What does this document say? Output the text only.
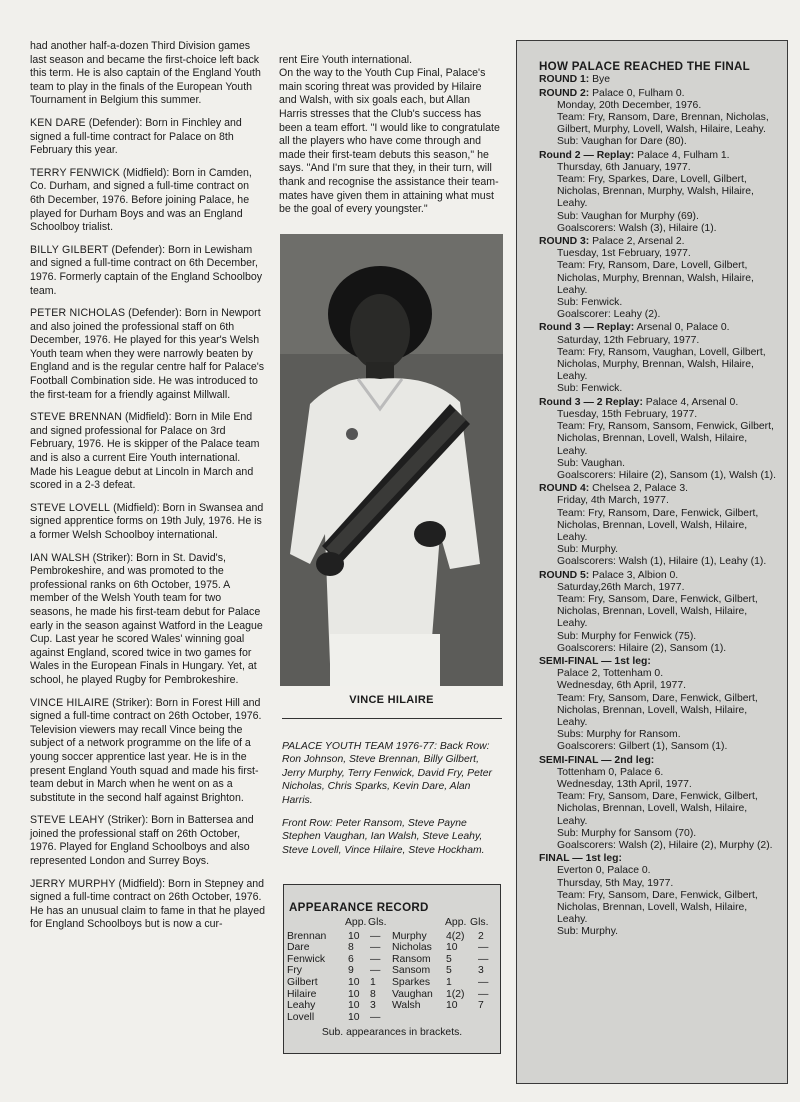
had another half-a-dozen Third Division games last season and became the first-choice left back this term. He is also captain of the England Youth team to play in the finals of the European Youth Tournament in Belgium this summer.

KEN DARE (Defender): Born in Finchley and signed a full-time contract for Palace on 8th February this year.

TERRY FENWICK (Midfield): Born in Camden, Co. Durham, and signed a full-time contract on 6th December, 1976. Before joining Palace, he played for Durham Boys and was an England Schoolboy trialist.

BILLY GILBERT (Defender): Born in Lewisham and signed a full-time contract on 6th December, 1976. Formerly captain of the England Schoolboy team.

PETER NICHOLAS (Defender): Born in Newport and also joined the professional staff on 6th December, 1976. He played for this year's Welsh Youth team when they were narrowly beaten by England and is the regular centre half for Palace's Football Combination side. He was introduced to the first-team for a friendly against Millwall.

STEVE BRENNAN (Midfield): Born in Mile End and signed professional for Palace on 3rd February, 1976. He is skipper of the Palace team and is also a current Eire Youth international. Made his League debut at Lincoln in March and scored in a 2-3 defeat.

STEVE LOVELL (Midfield): Born in Swansea and signed apprentice forms on 19th July, 1976. He is a former Welsh Schoolboy international.

IAN WALSH (Striker): Born in St. David's, Pembrokeshire, and was promoted to the professional ranks on 6th October, 1975. A member of the Welsh Youth team for two seasons, he made his first-team debut for Palace early in the season against Watford in the League Cup. Last year he scored Wales' winning goal against England, scored twice in two games for Wales in the European Finals in Hungary. Yet, at school, he played Rugby for Pembrokeshire.

VINCE HILAIRE (Striker): Born in Forest Hill and signed a full-time contract on 26th October, 1976. Television viewers may recall Vince being the subject of a network programme on the life of a young soccer apprentice last year. He is in the present England Youth squad and made his first-team debut in March when he went on as a substitute in the second half against Brighton.

STEVE LEAHY (Striker): Born in Battersea and joined the professional staff on 26th October, 1976. Played for England Schoolboys and also represented London and Surrey Boys.

JERRY MURPHY (Midfield): Born in Stepney and signed a full-time contract on 26th October, 1976. He has an unusual claim to fame in that he played for England Schoolboys but is now a cur-

rent Eire Youth international.
On the way to the Youth Cup Final, Palace's main scoring threat was provided by Hilaire and Walsh, with six goals each, but Allan Harris stresses that the Club's success has been a team effort. "I would like to congratulate all the players who have come through and made their first-team debuts this season," he says. "And I'm sure that they, in their turn, will thank and recognise the assistance their team-mates have given them in attaining what must be the goal of every youngster."

VINCE HILAIRE

PALACE YOUTH TEAM 1976-77: Back Row: Ron Johnson, Steve Brennan, Billy Gilbert, Jerry Murphy, Terry Fenwick, David Fry, Peter Nicholas, Chris Sparks, Kevin Dare, Alan Harris.

Front Row: Peter Ransom, Steve Payne Stephen Vaughan, Ian Walsh, Steve Leahy, Steve Lovell, Vince Hilaire, Steve Hockham.

APPEARANCE RECORD
App. Gls.	App. Gls.
Brennan 10 — Murphy 4(2) 2
Dare	8 — Nicholas 10 —
Fenwick 6 — Ransom 5	—
Fry	9 — Sansom 5	3
Gilbert	10 1 Sparkes 1	—
Hilaire	10 8 Vaughan 1(2) —
Leahy	10 3 Walsh 10 7
Lovell	10 —
Sub. appearances in brackets.
HOW PALACE REACHED THE FINAL
ROUND 1: Bye
ROUND 2: Palace 0, Fulham 0.
Monday, 20th December, 1976.
Team: Fry, Ransom, Dare, Brennan, Nicholas, Gilbert, Murphy, Lovell, Walsh, Hilaire, Leahy.
Sub: Vaughan for Dare (80).
Round 2 — Replay: Palace 4, Fulham 1.
Thursday, 6th January, 1977.
Team: Fry, Sparkes, Dare, Lovell, Gilbert, Nicholas, Brennan, Murphy, Walsh, Hilaire, Leahy.
Sub: Vaughan for Murphy (69).
Goalscorers: Walsh (3), Hilaire (1).
ROUND 3: Palace 2, Arsenal 2.
Tuesday, 1st February, 1977.
Team: Fry, Ransom, Dare, Lovell, Gilbert, Nicholas, Murphy, Brennan, Walsh, Hilaire, Leahy.
Sub: Fenwick.
Goalscorer: Leahy (2).
Round 3 — Replay: Arsenal 0, Palace 0.
Saturday, 12th February, 1977.
Team: Fry, Ransom, Vaughan, Lovell, Gilbert, Nicholas, Murphy, Brennan, Walsh, Hilaire, Leahy.
Sub: Fenwick.
Round 3 — 2 Replay: Palace 4, Arsenal 0.
Tuesday, 15th February, 1977.
Team: Fry, Ransom, Sansom, Fenwick, Gilbert, Nicholas, Brennan, Lovell, Walsh, Hilaire, Leahy.
Sub: Vaughan.
Goalscorers: Hilaire (2), Sansom (1), Walsh (1).
ROUND 4: Chelsea 2, Palace 3.
Friday, 4th March, 1977.
Team: Fry, Ransom, Dare, Fenwick, Gilbert, Nicholas, Brennan, Lovell, Walsh, Hilaire, Leahy.
Sub: Murphy.
Goalscorers: Walsh (1), Hilaire (1), Leahy (1).
ROUND 5: Palace 3, Albion 0.
Saturday,26th March, 1977.
Team: Fry, Sansom, Dare, Fenwick, Gilbert, Nicholas, Brennan, Lovell, Walsh, Hilaire, Leahy.
Sub: Murphy for Fenwick (75).
Goalscorers: Hilaire (2), Sansom (1).
SEMI-FINAL — 1st leg:
Palace 2, Tottenham 0.
Wednesday, 6th April, 1977.
Team: Fry, Sansom, Dare, Fenwick, Gilbert, Nicholas, Brennan, Lovell, Walsh, Hilaire, Leahy.
Subs: Murphy for Ransom.
Goalscorers: Gilbert (1), Sansom (1).
SEMI-FINAL — 2nd leg:
Tottenham 0, Palace 6.
Wednesday, 13th April, 1977.
Team: Fry, Sansom, Dare, Fenwick, Gilbert, Nicholas, Brennan, Lovell, Walsh, Hilaire, Leahy.
Sub: Murphy for Sansom (70).
Goalscorers: Walsh (2), Hilaire (2), Murphy (2).
FINAL — 1st leg:
Everton 0, Palace 0.
Thursday, 5th May, 1977.
Team: Fry, Sansom, Dare, Fenwick, Gilbert, Nicholas, Brennan, Lovell, Walsh, Hilaire, Leahy.
Sub: Murphy.
